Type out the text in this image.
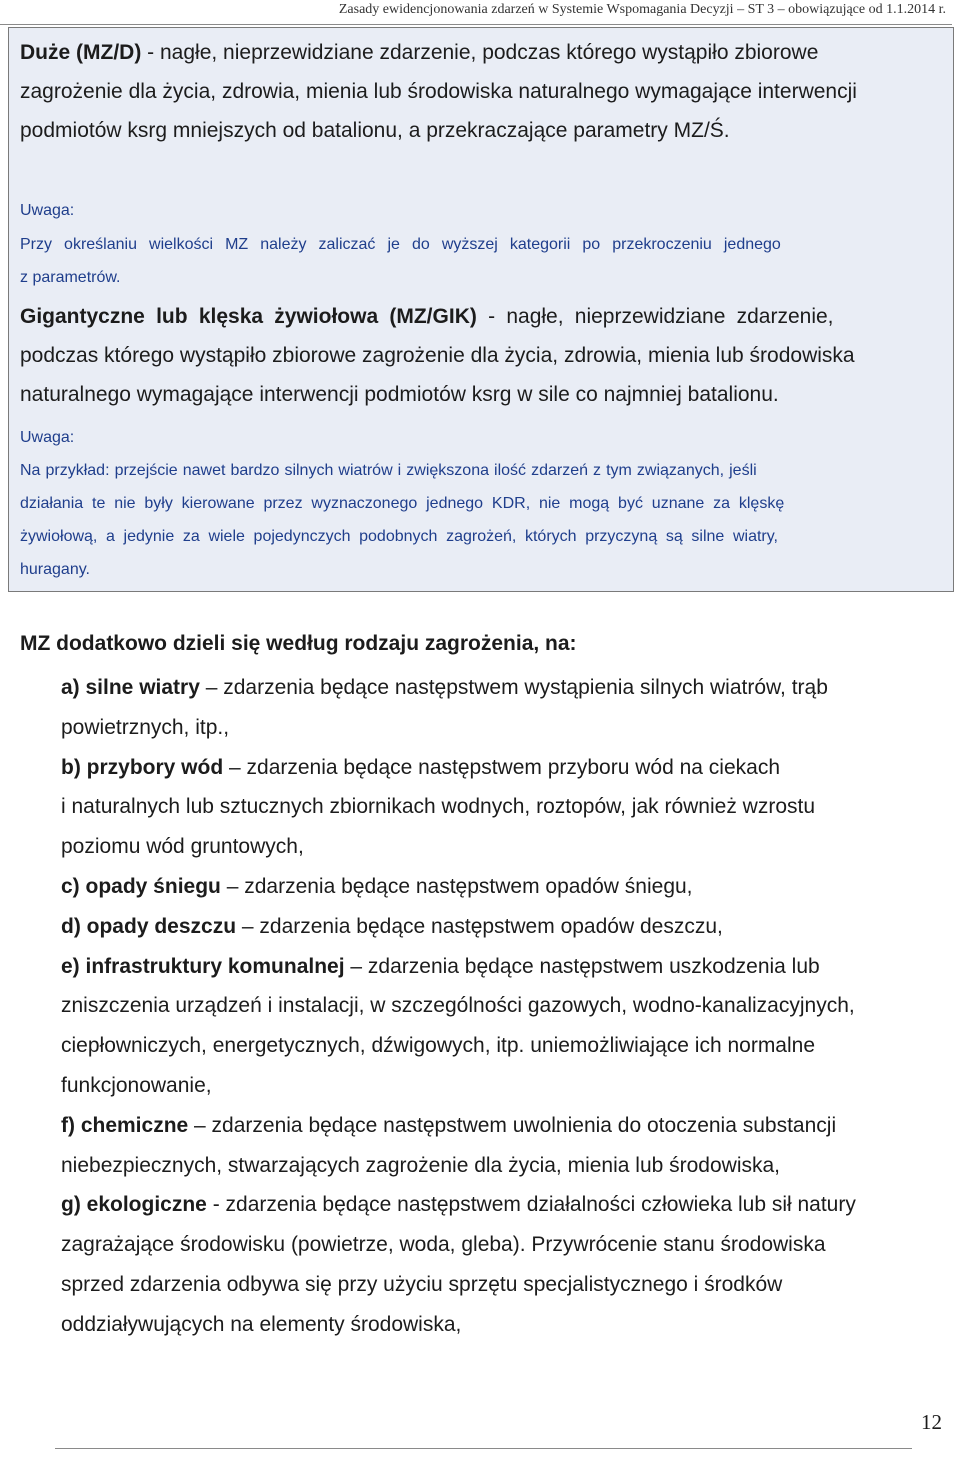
Zasady ewidencjonowania zdarzeń w Systemie Wspomagania Decyzji – ST 3 – obowiązujące od 1.1.2014 r.
Duże (MZ/D) - nagłe, nieprzewidziane zdarzenie, podczas którego wystąpiło zbiorowe
zagrożenie dla życia, zdrowia, mienia lub środowiska naturalnego wymagające interwencji
podmiotów ksrg mniejszych od batalionu, a przekraczające parametry MZ/Ś.
Uwaga:
Przy określaniu wielkości MZ należy zaliczać je do wyższej kategorii po przekroczeniu jednego
z parametrów.
Gigantyczne lub klęska żywiołowa (MZ/GIK) - nagłe, nieprzewidziane zdarzenie,
podczas którego wystąpiło zbiorowe zagrożenie dla życia, zdrowia, mienia lub środowiska
naturalnego wymagające interwencji podmiotów ksrg w sile co najmniej batalionu.
Uwaga:
Na przykład: przejście nawet bardzo silnych wiatrów i zwiększona ilość zdarzeń z tym związanych, jeśli
działania te nie były kierowane przez wyznaczonego jednego KDR, nie mogą być uznane za klęskę
żywiołową, a jedynie za wiele pojedynczych podobnych zagrożeń, których przyczyną są silne wiatry,
huragany.
MZ dodatkowo dzieli się według rodzaju zagrożenia, na:
a) silne wiatry – zdarzenia będące następstwem wystąpienia silnych wiatrów, trąb
powietrznych, itp.,
b) przybory wód – zdarzenia będące następstwem przyboru wód na ciekach
i naturalnych lub sztucznych zbiornikach wodnych, roztopów, jak również wzrostu
poziomu wód gruntowych,
c) opady śniegu – zdarzenia będące następstwem opadów śniegu,
d) opady deszczu – zdarzenia będące następstwem opadów deszczu,
e) infrastruktury komunalnej – zdarzenia będące następstwem uszkodzenia lub
zniszczenia urządzeń i instalacji, w szczególności gazowych, wodno-kanalizacyjnych,
ciepłowniczych, energetycznych, dźwigowych, itp. uniemożliwiające ich normalne
funkcjonowanie,
f) chemiczne – zdarzenia będące następstwem uwolnienia do otoczenia substancji
niebezpiecznych, stwarzających zagrożenie dla życia, mienia lub środowiska,
g) ekologiczne - zdarzenia będące następstwem działalności człowieka lub sił natury
zagrażające środowisku (powietrze, woda, gleba). Przywrócenie stanu środowiska
sprzed zdarzenia odbywa się przy użyciu sprzętu specjalistycznego i środków
oddziaływujących na elementy środowiska,
12
